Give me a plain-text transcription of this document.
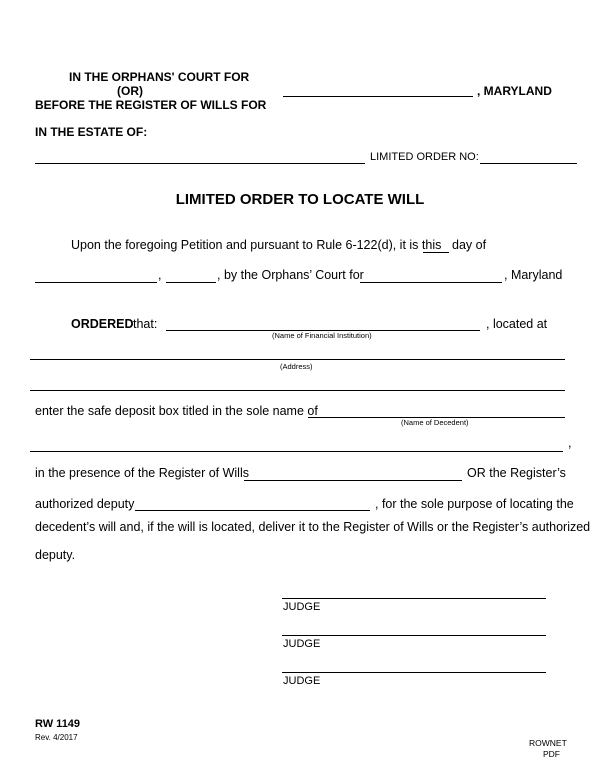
IN THE ORPHANS' COURT FOR
(OR)
BEFORE THE REGISTER OF WILLS FOR
, MARYLAND
IN THE ESTATE OF:
LIMITED ORDER NO:
LIMITED ORDER TO LOCATE WILL
Upon the foregoing Petition and pursuant to Rule 6-122(d), it is this day of
,	, by the Orphans’ Court for	, Maryland
ORDERED that:	, located at
(Name of Financial Institution)
(Address)
enter the safe deposit box titled in the sole name of
(Name of Decedent)
,
in the presence of the Register of Wills	OR the Register’s
authorized deputy	, for the sole purpose of locating the
decedent’s will and, if the will is located, deliver it to the Register of Wills or the Register’s authorized
deputy.
JUDGE
JUDGE
JUDGE
RW 1149
Rev. 4/2017
ROWNET
PDF
